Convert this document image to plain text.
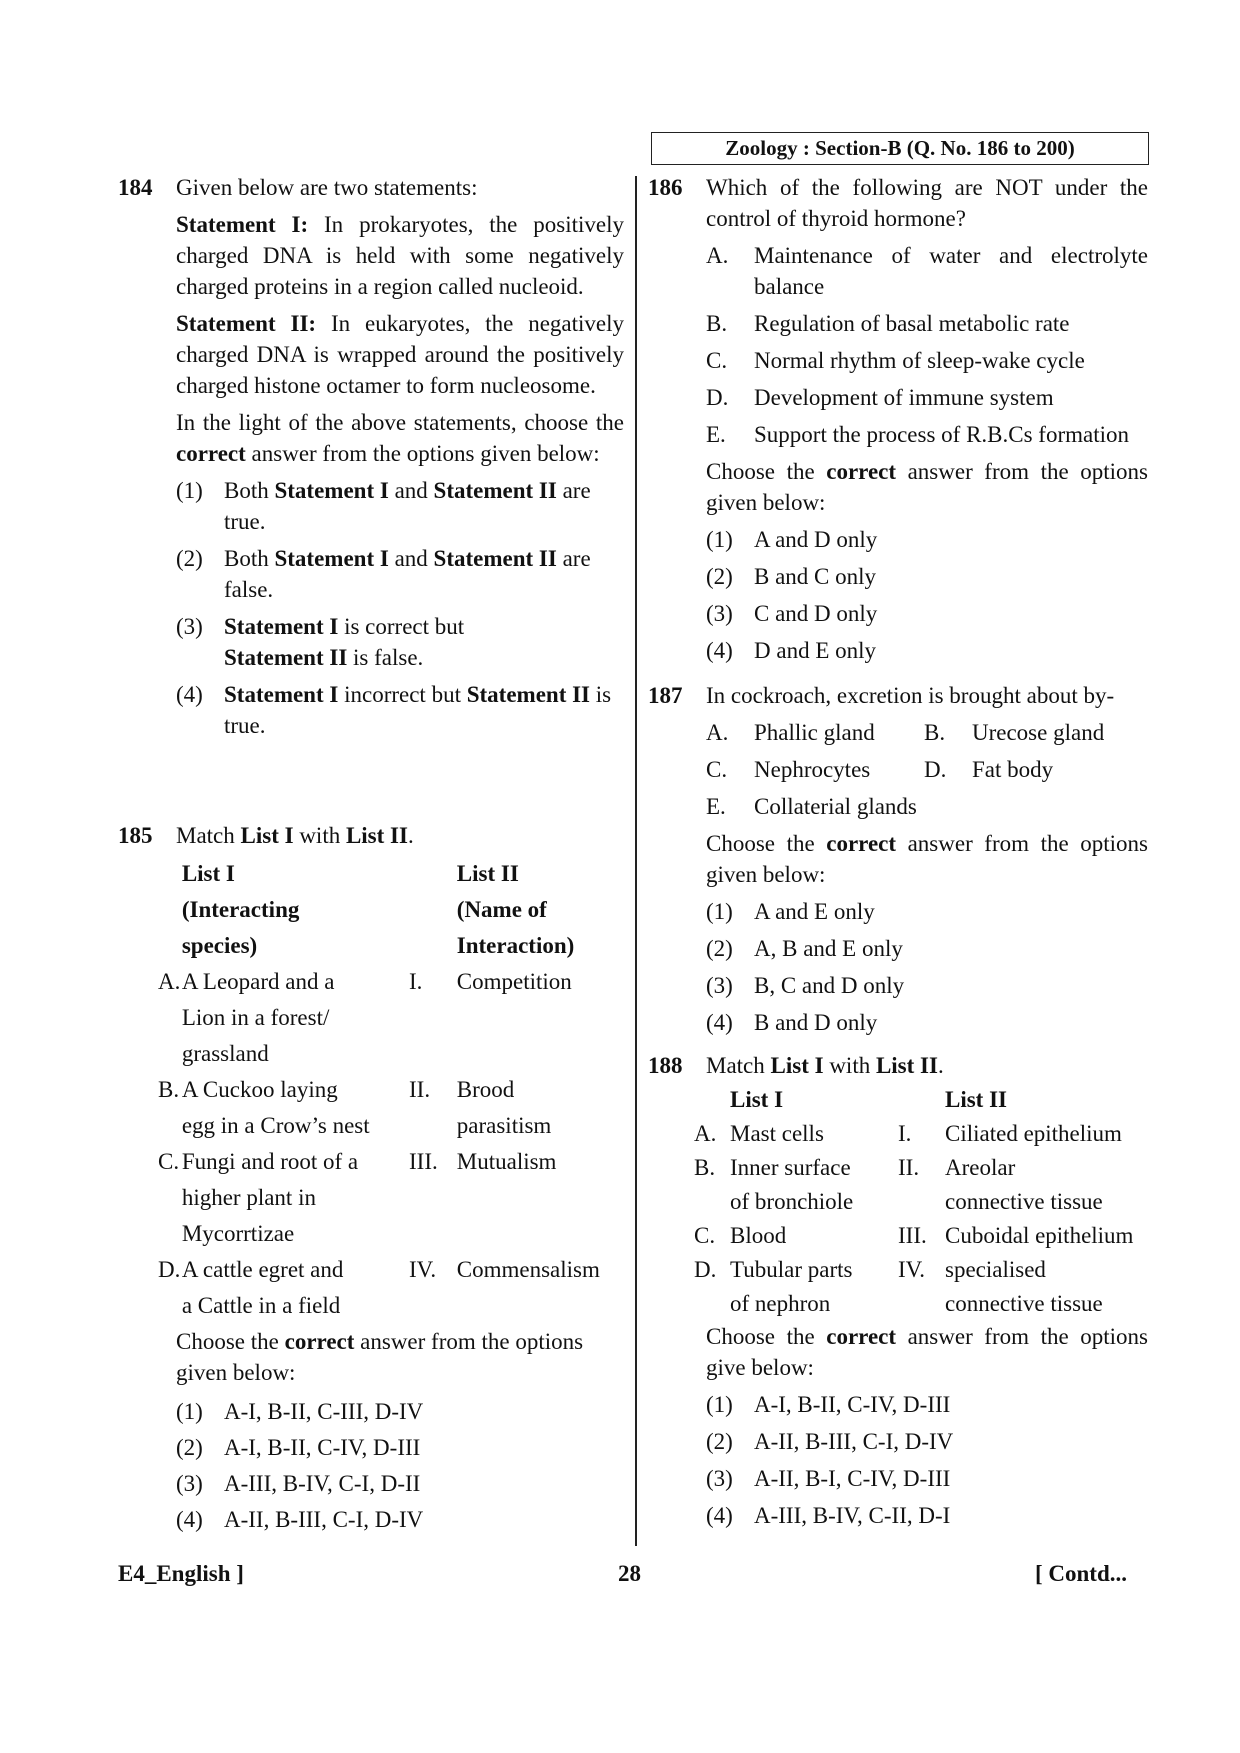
Zoology : Section-B (Q. No. 186 to 200)
184 Given below are two statements:

Statement I: In prokaryotes, the positively charged DNA is held with some negatively charged proteins in a region called nucleoid.

Statement II: In eukaryotes, the negatively charged DNA is wrapped around the positively charged histone octamer to form nucleosome.

In the light of the above statements, choose the correct answer from the options given below:

(1) Both Statement I and Statement II are true.
(2) Both Statement I and Statement II are false.
(3) Statement I is correct but Statement II is false.
(4) Statement I incorrect but Statement II is true.
185 Match List I with List II.

	List I
(Interacting
species)		List II
(Name of
Interaction)
A.	A Leopard and a
Lion in a forest/
grassland	I.	Competition
B.	A Cuckoo laying
egg in a Crow’s nest	II.	Brood
parasitism
C.	Fungi and root of a
higher plant in
Mycorrtizae	III.	Mutualism
D.	A cattle egret and
a Cattle in a field	IV.	Commensalism

Choose the correct answer from the options given below:

(1) A-I, B-II, C-III, D-IV
(2) A-I, B-II, C-IV, D-III
(3) A-III, B-IV, C-I, D-II
(4) A-II, B-III, C-I, D-IV
186 Which of the following are NOT under the control of thyroid hormone?

A.	Maintenance of water and electrolyte balance
B.	Regulation of basal metabolic rate
C.	Normal rhythm of sleep-wake cycle
D.	Development of immune system
E.	Support the process of R.B.Cs formation

Choose the correct answer from the options given below:

(1) A and D only
(2) B and C only
(3) C and D only
(4) D and E only
187 In cockroach, excretion is brought about by-

A.	Phallic gland	B.	Urecose gland
C.	Nephrocytes	D.	Fat body
E.	Collaterial glands

Choose the correct answer from the options given below:

(1) A and E only
(2) A, B and E only
(3) B, C and D only
(4) B and D only
188 Match List I with List II.

	List I		List II
A.	Mast cells	I.	Ciliated epithelium
B.	Inner surface
of bronchiole	II.	Areolar
connective tissue
C.	Blood	III.	Cuboidal epithelium
D.	Tubular parts
of nephron	IV.	specialised
connective tissue

Choose the correct answer from the options give below:

(1) A-I, B-II, C-IV, D-III
(2) A-II, B-III, C-I, D-IV
(3) A-II, B-I, C-IV, D-III
(4) A-III, B-IV, C-II, D-I
E4_English ]	28	[ Contd...
